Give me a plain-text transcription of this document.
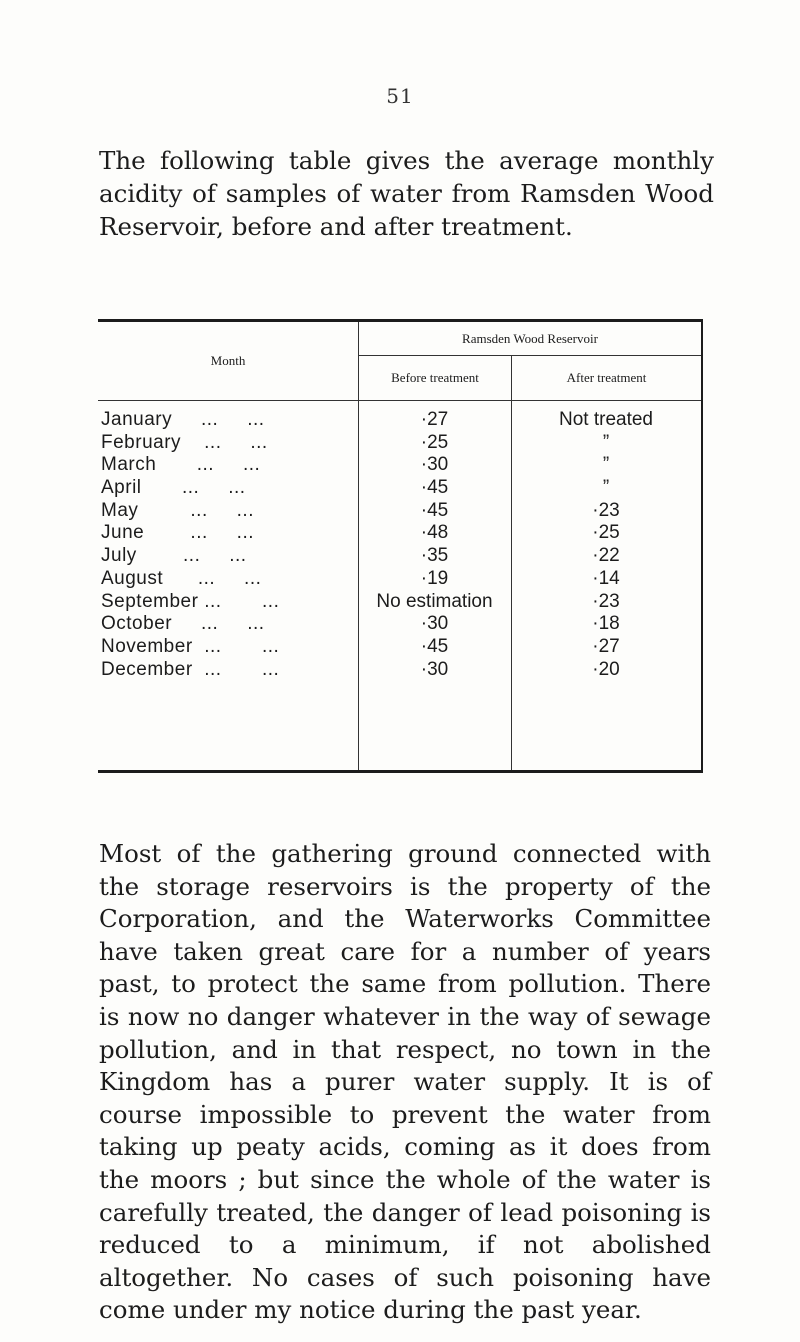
51

The following table gives the average monthly acidity of samples of water from Ramsden Wood Reservoir, before and after treatment.

Month
Ramsden Wood Reservoir
Before treatment	After treatment
January     ...     ...	·27	Not treated
February    ...     ...	·25	”
March       ...     ...	·30	”
April       ...     ...	·45	”
May         ...     ...	·45	·23
June        ...     ...	·48	·25
July        ...     ...	·35	·22
August      ...     ...	·19	·14
September ...       ...	No estimation	·23
October     ...     ...	·30	·18
November  ...       ...	·45	·27
December  ...       ...	·30	·20

Most of the gathering ground connected with the storage reservoirs is the property of the Corporation, and the Waterworks Committee have taken great care for a number of years past, to protect the same from pollution. There is now no danger whatever in the way of sewage pollution, and in that respect, no town in the Kingdom has a purer water supply. It is of course impossible to prevent the water from taking up peaty acids, coming as it does from the moors ; but since the whole of the water is carefully treated, the danger of lead poisoning is reduced to a minimum, if not abolished altogether. No cases of such poisoning have come under my notice during the past year.
